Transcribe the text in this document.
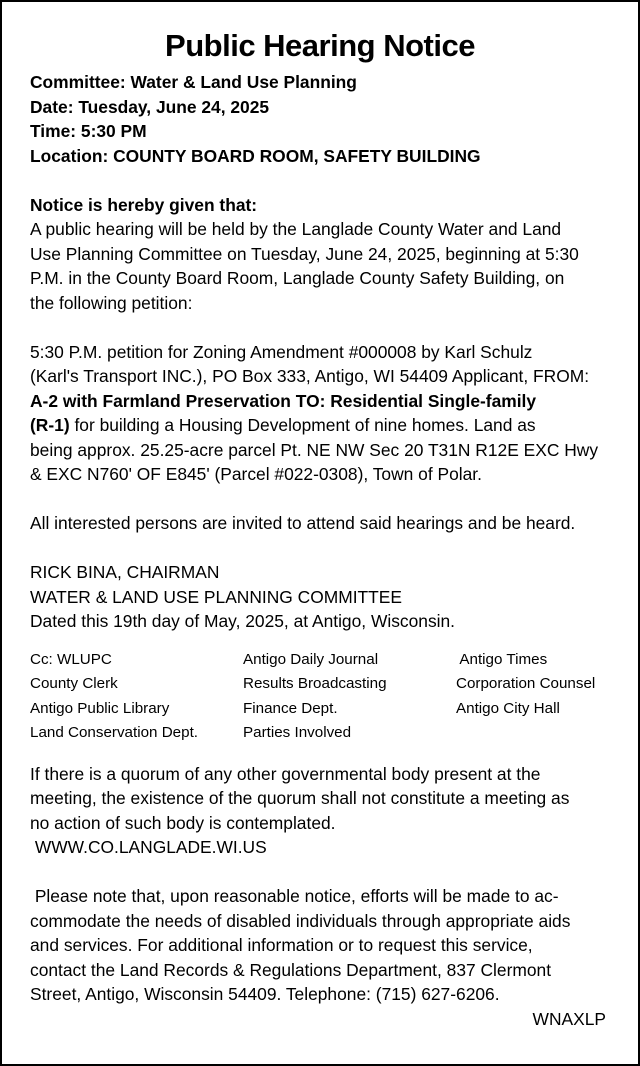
Public Hearing Notice
Committee: Water & Land Use Planning
Date: Tuesday, June 24, 2025
Time: 5:30 PM
Location: COUNTY BOARD ROOM, SAFETY BUILDING
Notice is hereby given that:
A public hearing will be held by the Langlade County Water and Land
Use Planning Committee on Tuesday, June 24, 2025, beginning at 5:30
P.M. in the County Board Room, Langlade County Safety Building, on
the following petition:
5:30 P.M. petition for Zoning Amendment #000008 by Karl Schulz
(Karl's Transport INC.), PO Box 333, Antigo, WI 54409 Applicant, FROM:
A-2 with Farmland Preservation TO: Residential Single-family
(R-1) for building a Housing Development of nine homes. Land as
being approx. 25.25-acre parcel Pt. NE NW Sec 20 T31N R12E EXC Hwy
& EXC N760' OF E845' (Parcel #022-0308), Town of Polar.
All interested persons are invited to attend said hearings and be heard.
RICK BINA, CHAIRMAN
WATER & LAND USE PLANNING COMMITTEE
Dated this 19th day of May, 2025, at Antigo, Wisconsin.
Cc: WLUPC	Antigo Daily Journal	Antigo Times
County Clerk	Results Broadcasting	Corporation Counsel
Antigo Public Library	Finance Dept.	Antigo City Hall
Land Conservation Dept.	Parties Involved
If there is a quorum of any other governmental body present at the
meeting, the existence of the quorum shall not constitute a meeting as
no action of such body is contemplated.
WWW.CO.LANGLADE.WI.US
Please note that, upon reasonable notice, efforts will be made to ac-
commodate the needs of disabled individuals through appropriate aids
and services. For additional information or to request this service,
contact the Land Records & Regulations Department, 837 Clermont
Street, Antigo, Wisconsin 54409. Telephone: (715) 627-6206.
WNAXLP
